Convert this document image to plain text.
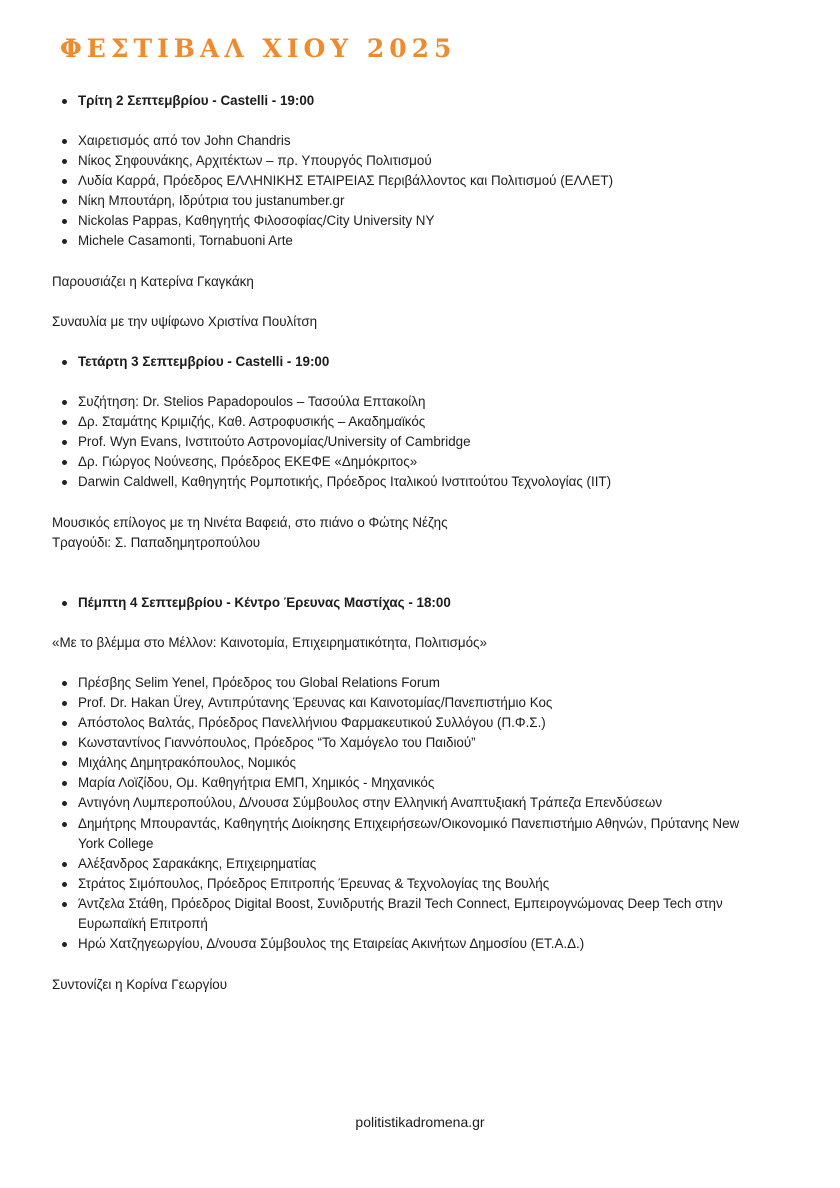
ΦΕΣΤΙΒΑΛ ΧΙΟΥ 2025
Τρίτη 2 Σεπτεμβρίου - Castelli - 19:00
Χαιρετισμός από τον John Chandris
Νίκος Σηφουνάκης, Αρχιτέκτων – πρ. Υπουργός Πολιτισμού
Λυδία Καρρά, Πρόεδρος ΕΛΛΗΝΙΚΗΣ ΕΤΑΙΡΕΙΑΣ Περιβάλλοντος και Πολιτισμού (ΕΛΛΕΤ)
Νίκη Μπουτάρη, Ιδρύτρια του justanumber.gr
Nickolas Pappas, Καθηγητής Φιλοσοφίας/City University NY
Michele Casamonti, Tornabuoni Arte
Παρουσιάζει η Κατερίνα Γκαγκάκη
Συναυλία με την υψίφωνο Χριστίνα Πουλίτση
Τετάρτη 3 Σεπτεμβρίου - Castelli - 19:00
Συζήτηση: Dr. Stelios Papadopoulos – Τασούλα Επτακοίλη
Δρ. Σταμάτης Κριμιζής, Καθ. Αστροφυσικής – Ακαδημαϊκός
Prof. Wyn Evans, Ινστιτούτο Αστρονομίας/University of Cambridge
Δρ. Γιώργος Νούνεσης, Πρόεδρος ΕΚΕΦΕ «Δημόκριτος»
Darwin Caldwell, Καθηγητής Ρομποτικής, Πρόεδρος Ιταλικού Ινστιτούτου Τεχνολογίας (IIT)
Μουσικός επίλογος με τη Νινέτα Βαφειά, στο πιάνο ο Φώτης Νέζης
Τραγούδι: Σ. Παπαδημητροπούλου
Πέμπτη 4 Σεπτεμβρίου - Κέντρο Έρευνας Μαστίχας - 18:00
«Με το βλέμμα στο Μέλλον: Καινοτομία, Επιχειρηματικότητα, Πολιτισμός»
Πρέσβης Selim Yenel, Πρόεδρος του Global Relations Forum
Prof. Dr. Hakan Ürey, Αντιπρύτανης Έρευνας και Καινοτομίας/Πανεπιστήμιο Κος
Απόστολος Βαλτάς, Πρόεδρος Πανελλήνιου Φαρμακευτικού Συλλόγου (Π.Φ.Σ.)
Κωνσταντίνος Γιαννόπουλος, Πρόεδρος “Το Χαμόγελο του Παιδιού”
Μιχάλης Δημητρακόπουλος, Νομικός
Μαρία Λοϊζίδου, Ομ. Καθηγήτρια ΕΜΠ, Χημικός - Μηχανικός
Αντιγόνη Λυμπεροπούλου, Δ/νουσα Σύμβουλος στην Ελληνική Αναπτυξιακή Τράπεζα Επενδύσεων
Δημήτρης Μπουραντάς, Καθηγητής Διοίκησης Επιχειρήσεων/Οικονομικό Πανεπιστήμιο Αθηνών, Πρύτανης New York College
Αλέξανδρος Σαρακάκης, Επιχειρηματίας
Στράτος Σιμόπουλος, Πρόεδρος Επιτροπής Έρευνας & Τεχνολογίας της Βουλής
Άντζελα Στάθη, Πρόεδρος Digital Boost, Συνιδρυτής Brazil Tech Connect, Εμπειρογνώμονας Deep Tech στην Ευρωπαϊκή Επιτροπή
Ηρώ Χατζηγεωργίου, Δ/νουσα Σύμβουλος της Εταιρείας Ακινήτων Δημοσίου (ΕΤ.Α.Δ.)
Συντονίζει η Κορίνα Γεωργίου
politistikadromena.gr
